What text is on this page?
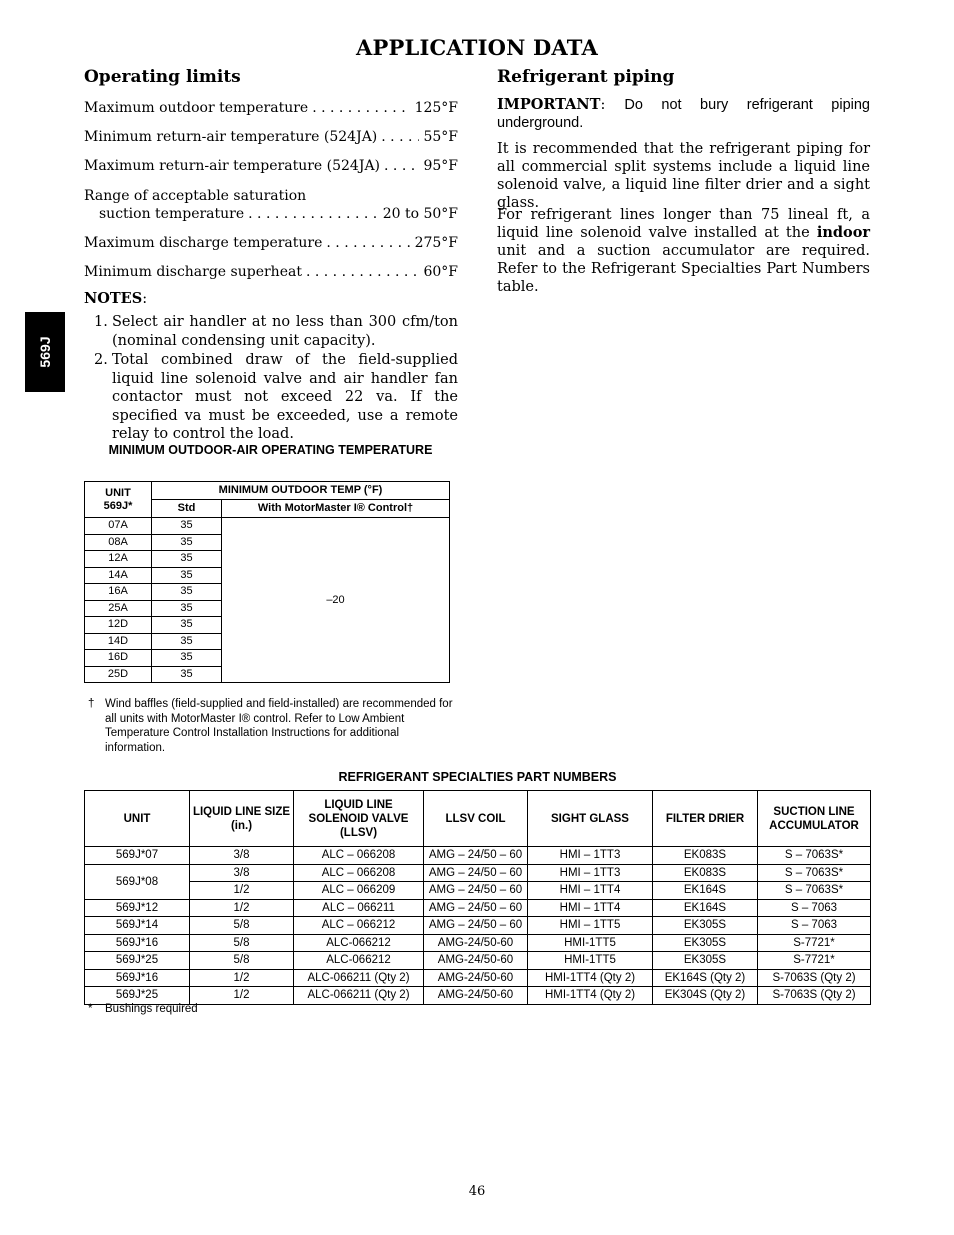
APPLICATION DATA
569J
Operating limits
Maximum outdoor temperature . . .	125°F
Minimum return-air temperature (524JA) . . .	55°F
Maximum return-air temperature (524JA) . . .	95°F
Range of acceptable saturation
suction temperature . . .	20 to 50°F
Maximum discharge temperature . . .	275°F
Minimum discharge superheat . . .	60°F
NOTES:
1. Select air handler at no less than 300 cfm/ton (nominal condensing unit capacity).
2. Total combined draw of the field-supplied liquid line solenoid valve and air handler fan contactor must not exceed 22 va. If the specified va must be exceeded, use a remote relay to control the load.
Refrigerant piping
IMPORTANT: Do not bury refrigerant piping underground.
It is recommended that the refrigerant piping for all commercial split systems include a liquid line solenoid valve, a liquid line filter drier and a sight glass.
For refrigerant lines longer than 75 lineal ft, a liquid line solenoid valve installed at the indoor unit and a suction accumulator are required. Refer to the Refrigerant Specialties Part Numbers table.
MINIMUM OUTDOOR-AIR OPERATING TEMPERATURE
UNIT
569J*	MINIMUM OUTDOOR TEMP (°F)	
	Std	With MotorMaster I® Control†
07A	35	–20
08A	35	
12A	35	
14A	35	
16A	35	
25A	35	
12D	35	
14D	35	
16D	35	
25D	35	
† Wind baffles (field-supplied and field-installed) are recommended for all units with MotorMaster I® control. Refer to Low Ambient Temperature Control Installation Instructions for additional information.
REFRIGERANT SPECIALTIES PART NUMBERS
UNIT	LIQUID LINE SIZE (in.)	LIQUID LINE SOLENOID VALVE (LLSV)	LLSV COIL	SIGHT GLASS	FILTER DRIER	SUCTION LINE ACCUMULATOR
569J*07	3/8	ALC – 066208	AMG – 24/50 – 60	HMI – 1TT3	EK083S	S – 7063S*
569J*08	3/8	ALC – 066208	AMG – 24/50 – 60	HMI – 1TT3	EK083S	S – 7063S*
	1/2	ALC – 066209	AMG – 24/50 – 60	HMI – 1TT4	EK164S	S – 7063S*
569J*12	1/2	ALC – 066211	AMG – 24/50 – 60	HMI – 1TT4	EK164S	S – 7063
569J*14	5/8	ALC – 066212	AMG – 24/50 – 60	HMI – 1TT5	EK305S	S – 7063
569J*16	5/8	ALC-066212	AMG-24/50-60	HMI-1TT5	EK305S	S-7721*
569J*25	5/8	ALC-066212	AMG-24/50-60	HMI-1TT5	EK305S	S-7721*
569J*16	1/2	ALC-066211 (Qty 2)	AMG-24/50-60	HMI-1TT4 (Qty 2)	EK164S (Qty 2)	S-7063S (Qty 2)
569J*25	1/2	ALC-066211 (Qty 2)	AMG-24/50-60	HMI-1TT4 (Qty 2)	EK304S (Qty 2)	S-7063S (Qty 2)
*	Bushings required
46
